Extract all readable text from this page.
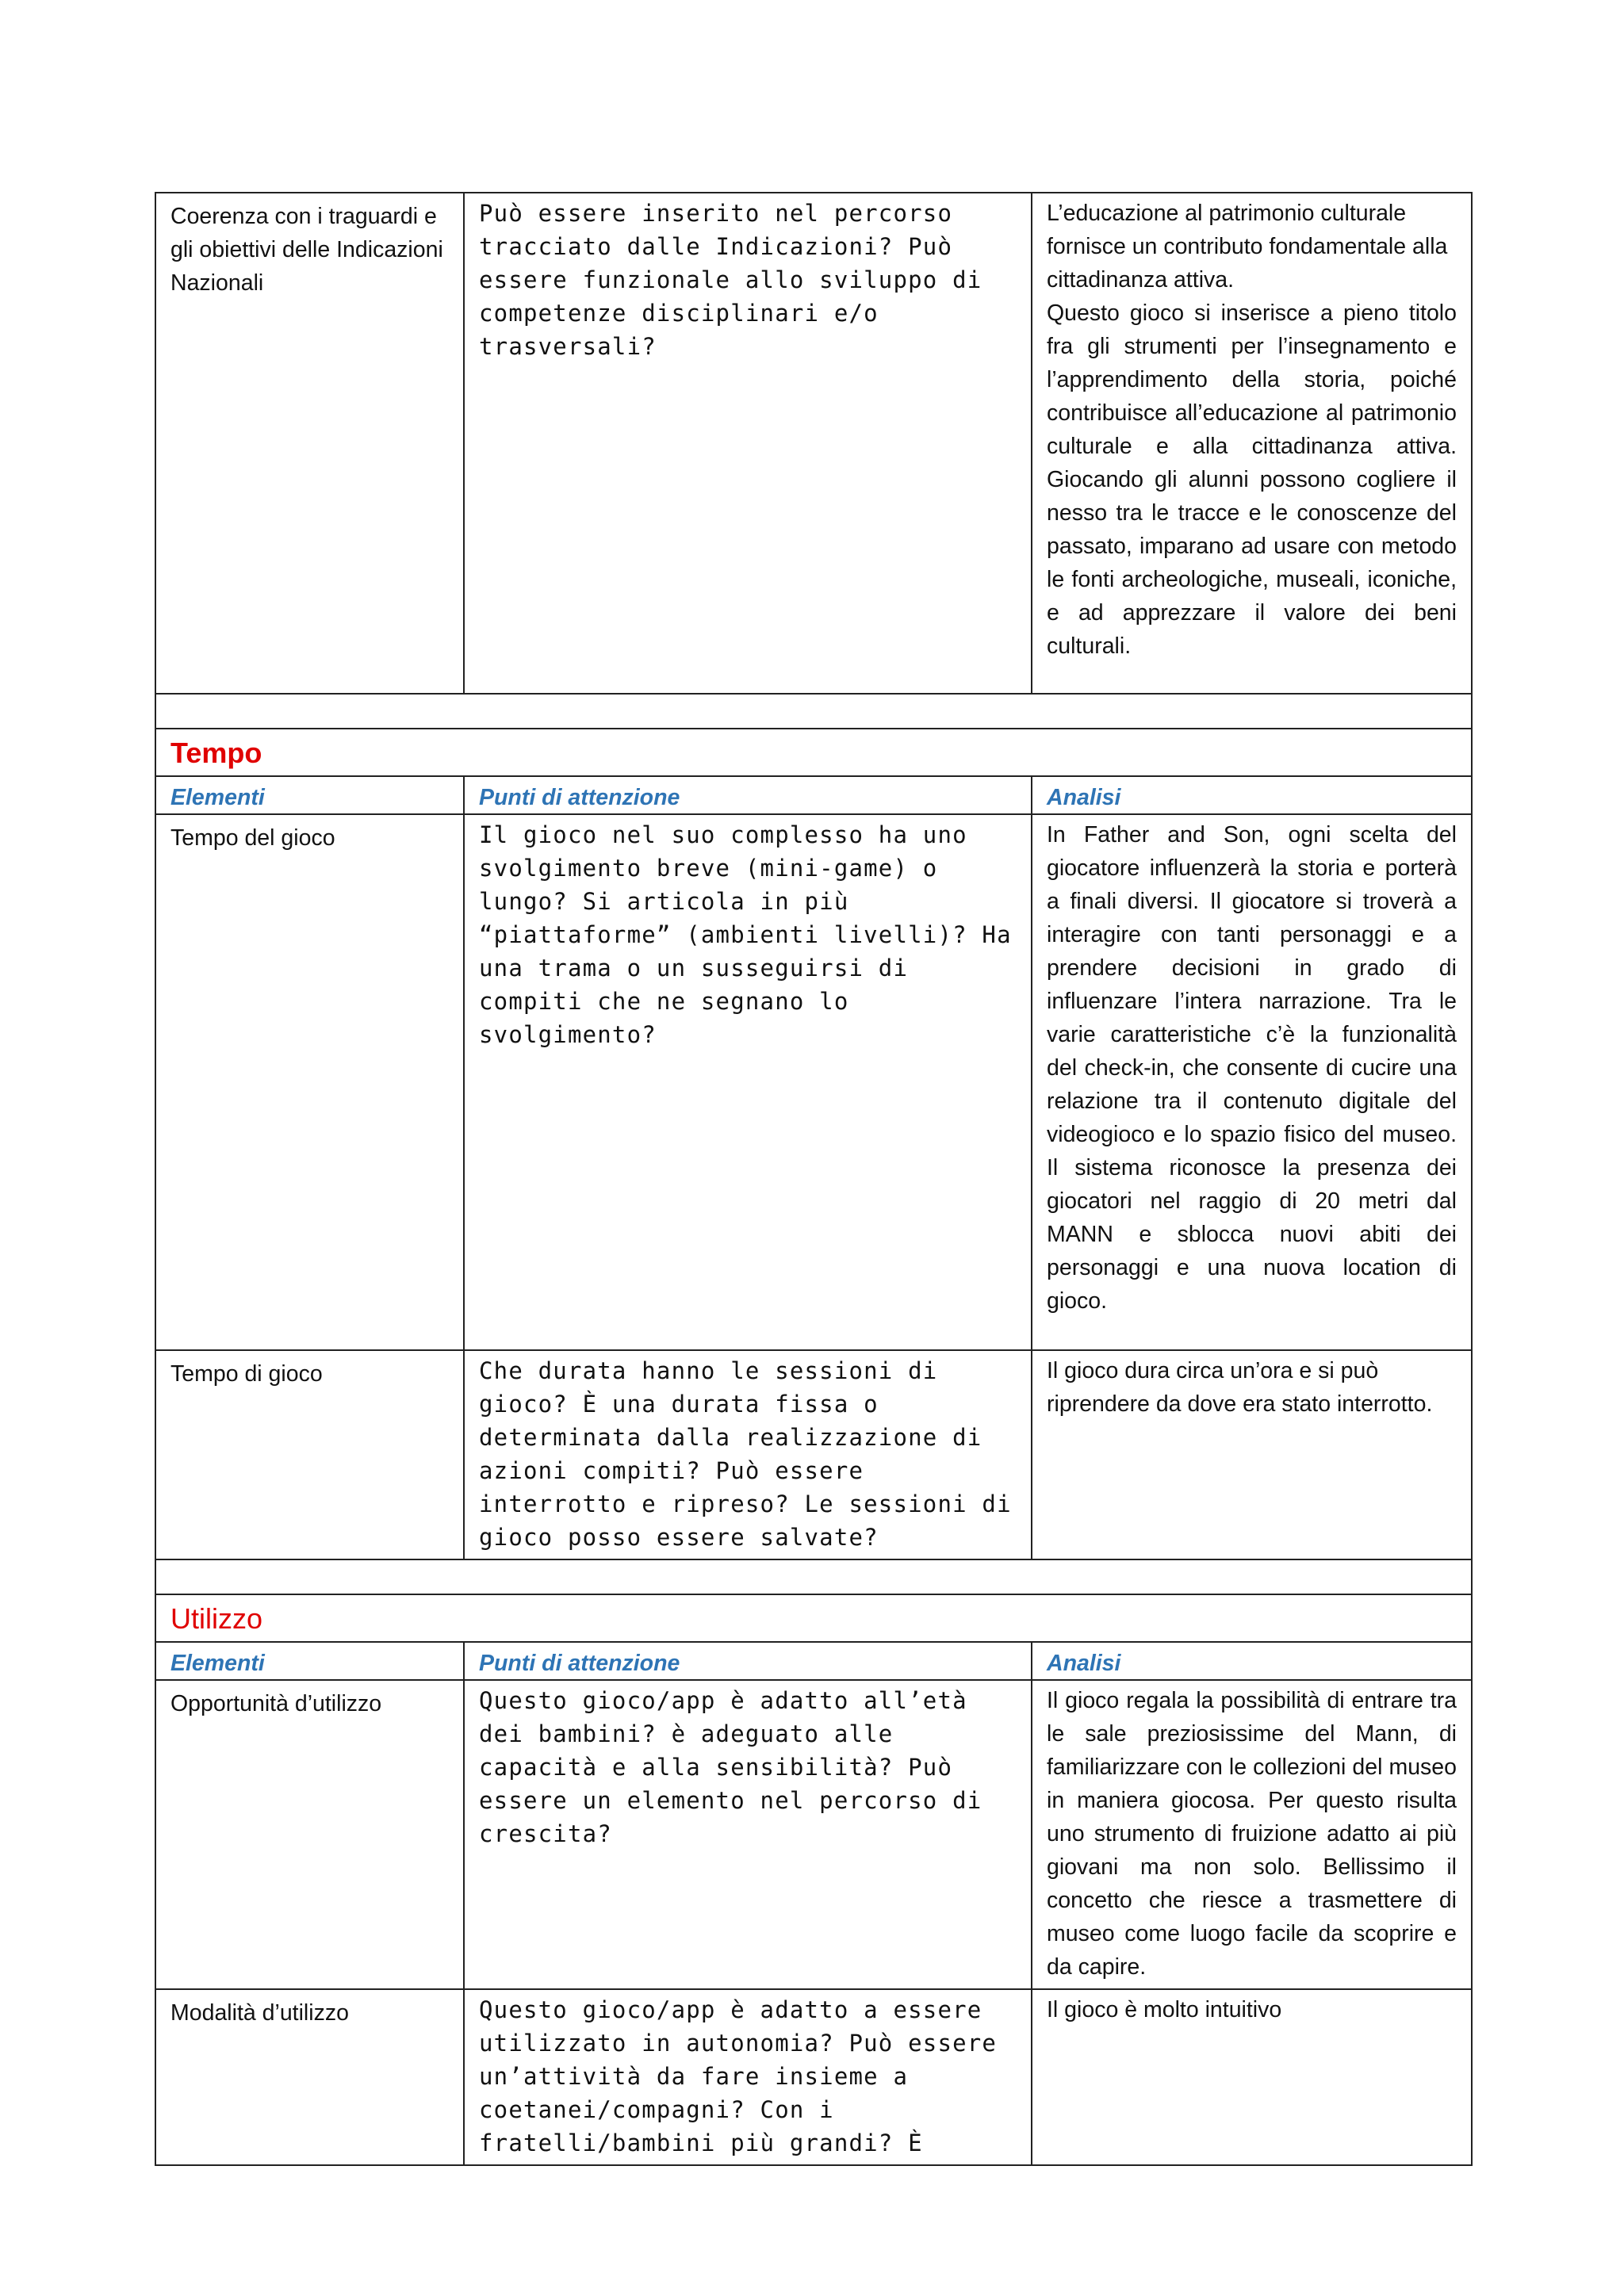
Coerenza con i traguardi e gli obiettivi delle Indicazioni Nazionali	Può essere inserito nel percorso tracciato dalle Indicazioni? Può essere funzionale allo sviluppo di competenze disciplinari e/o trasversali?	L’educazione al patrimonio culturale fornisce un contributo fondamentale alla cittadinanza attiva.
Questo gioco si inserisce a pieno titolo fra gli strumenti per l’insegnamento e l’apprendimento della storia, poiché contribuisce all’educazione al patrimonio culturale e alla cittadinanza attiva. Giocando gli alunni possono cogliere il nesso tra le tracce e le conoscenze del passato, imparano ad usare con metodo le fonti archeologiche, museali, iconiche, e ad apprezzare il valore dei beni culturali.

Tempo		
Elementi	Punti di attenzione	Analisi
Tempo del gioco	Il gioco nel suo complesso ha uno svolgimento breve (mini-game) o lungo? Si articola in più “piattaforme” (ambienti livelli)? Ha una trama o un susseguirsi di compiti che ne segnano lo svolgimento?	In Father and Son, ogni scelta del giocatore influenzerà la storia e porterà a finali diversi. Il giocatore si troverà a interagire con tanti personaggi e a prendere decisioni in grado di influenzare l’intera narrazione. Tra le varie caratteristiche c’è la funzionalità del check-in, che consente di cucire una relazione tra il contenuto digitale del videogioco e lo spazio fisico del museo. Il sistema riconosce la presenza dei giocatori nel raggio di 20 metri dal MANN e sblocca nuovi abiti dei personaggi e una nuova location di gioco.
Tempo di gioco	Che durata hanno le sessioni di gioco? È una durata fissa o determinata dalla realizzazione di azioni compiti? Può essere interrotto e ripreso? Le sessioni di gioco posso essere salvate?	Il gioco dura circa un’ora e si può riprendere da dove era stato interrotto.

Utilizzo		
Elementi	Punti di attenzione	Analisi
Opportunità d’utilizzo	Questo gioco/app è adatto all’età dei bambini? è adeguato alle capacità e alla sensibilità? Può essere un elemento nel percorso di crescita?	Il gioco regala la possibilità di entrare tra le sale preziosissime del Mann, di familiarizzare con le collezioni del museo in maniera giocosa. Per questo risulta uno strumento di fruizione adatto ai più giovani ma non solo. Bellissimo il concetto che riesce a trasmettere di museo come luogo facile da scoprire e da capire.
Modalità d’utilizzo	Questo gioco/app è adatto a essere utilizzato in autonomia? Può essere un’attività da fare insieme a coetanei/compagni? Con i fratelli/bambini più grandi? È	Il gioco è molto intuitivo
